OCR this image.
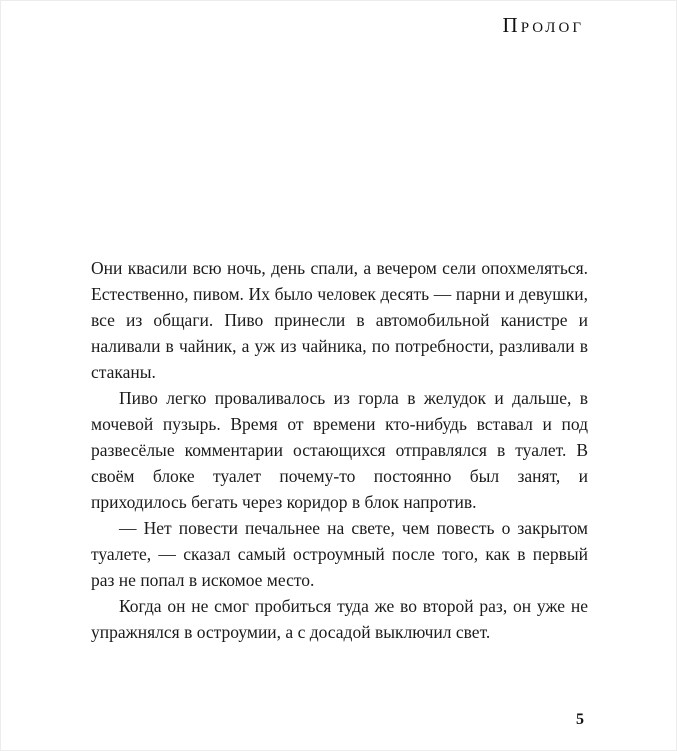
Пролог

Они квасили всю ночь, день спали, а вечером сели опохмеляться. Естественно, пивом. Их было человек десять — парни и девушки, все из общаги. Пиво принесли в автомобильной канистре и наливали в чайник, а уж из чайника, по потребности, разливали в стаканы.

Пиво легко проваливалось из горла в желудок и дальше, в мочевой пузырь. Время от времени кто-нибудь вставал и под развесёлые комментарии остающихся отправлялся в туалет. В своём блоке туалет почему-то постоянно был занят, и приходилось бегать через коридор в блок напротив.

— Нет повести печальнее на свете, чем повесть о закрытом туалете, — сказал самый остроумный после того, как в первый раз не попал в искомое место.

Когда он не смог пробиться туда же во второй раз, он уже не упражнялся в остроумии, а с досадой выключил свет.

5
